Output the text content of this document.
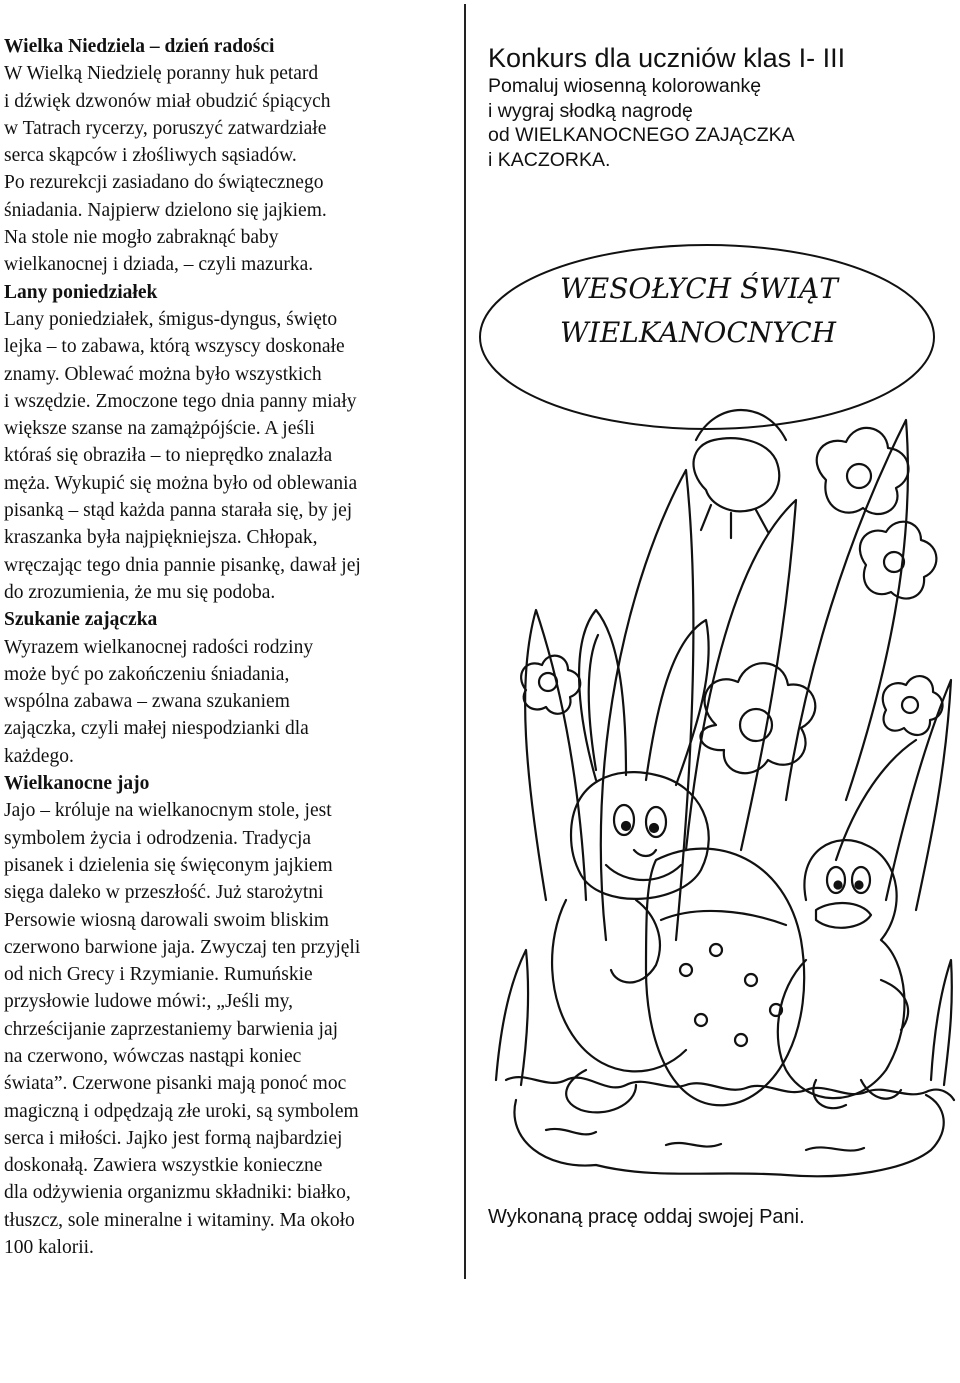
Wielka Niedziela – dzień radości
W Wielką Niedzielę poranny huk petard
i dźwięk dzwonów miał obudzić śpiących
w Tatrach rycerzy, poruszyć zatwardziałe
serca skąpców i złośliwych sąsiadów.
Po rezurekcji zasiadano do świątecznego
śniadania. Najpierw dzielono się jajkiem.
Na stole nie mogło zabraknąć baby
wielkanocnej i dziada, – czyli mazurka.
Lany poniedziałek
Lany poniedziałek, śmigus-dyngus, święto
lejka – to zabawa, którą wszyscy doskonałe
znamy. Oblewać można było wszystkich
i wszędzie. Zmoczone tego dnia panny miały
większe szanse na zamążpójście. A jeśli
któraś się obraziła – to nieprędko znalazła
męża. Wykupić się można było od oblewania
pisanką – stąd każda panna starała się, by jej
kraszanka była najpiękniejsza. Chłopak,
wręczając tego dnia pannie pisankę, dawał jej
do zrozumienia, że mu się podoba.
Szukanie zajączka
Wyrazem wielkanocnej radości rodziny
może być po zakończeniu śniadania,
wspólna zabawa – zwana szukaniem
zajączka, czyli małej niespodzianki dla
każdego.
Wielkanocne jajo
Jajo – króluje na wielkanocnym stole, jest
symbolem życia i odrodzenia. Tradycja
pisanek i dzielenia się święconym jajkiem
sięga daleko w przeszłość. Już starożytni
Persowie wiosną darowali swoim bliskim
czerwono barwione jaja. Zwyczaj ten przyjęli
od nich Grecy i Rzymianie. Rumuńskie
przysłowie ludowe mówi:, „Jeśli my,
chrześcijanie zaprzestaniemy barwienia jaj
na czerwono, wówczas nastąpi koniec
świata”. Czerwone pisanki mają ponoć moc
magiczną i odpędzają złe uroki, są symbolem
serca i miłości. Jajko jest formą najbardziej
doskonałą. Zawiera wszystkie konieczne
dla odżywienia organizmu składniki: białko,
tłuszcz, sole mineralne i witaminy. Ma około
100 kalorii.
Konkurs dla uczniów klas I- III
Pomaluj wiosenną kolorowankę
i wygraj słodką nagrodę
od WIELKANOCNEGO ZAJĄCZKA
i KACZORKA.
WESOŁYCH ŚWIĄT
WIELKANOCNYCH
Wykonaną pracę oddaj swojej Pani.
